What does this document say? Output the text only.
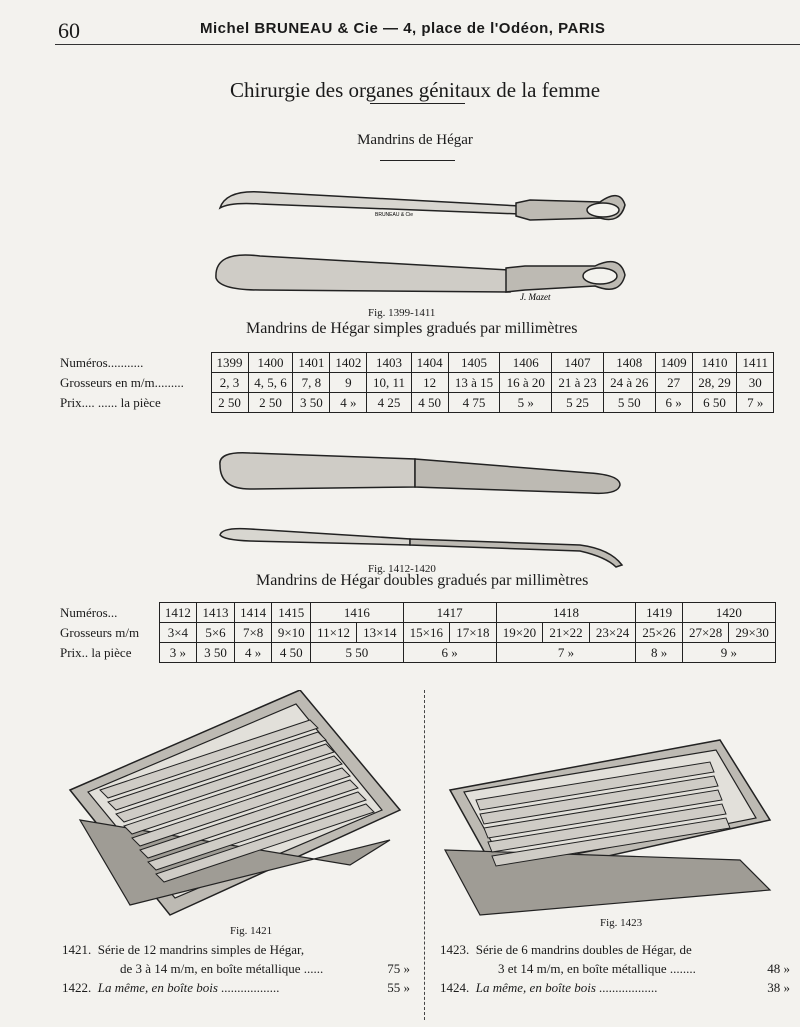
60	Michel BRUNEAU & Cie — 4, place de l'Odéon, PARIS
Chirurgie des organes génitaux de la femme
Mandrins de Hégar
BRUNEAU & Cie
J. Mazet
Fig. 1399-1411
Mandrins de Hégar simples gradués par millimètres
Numéros...........	1399	1400	1401	1402	1403	1404	1405	1406	1407	1408	1409	1410	1411
Grosseurs en m/m.........	2, 3	4, 5, 6	7, 8	9	10, 11	12	13 à 15	16 à 20	21 à 23	24 à 26	27	28, 29	30
Prix.... ...... la pièce	2 50	2 50	3 50	4 »	4 25	4 50	4 75	5 »	5 25	5 50	6 »	6 50	7 »
Fig. 1412-1420
Mandrins de Hégar doubles gradués par millimètres
Numéros...	1412	1413	1414	1415	1416		1417		1418			1419	1420	
Grosseurs m/m	3×4	5×6	7×8	9×10	11×12	13×14	15×16	17×18	19×20	21×22	23×24	25×26	27×28	29×30
Prix.. la pièce	3 »	3 50	4 »	4 50	5 50		6 »		7 »			8 »	9 »	
Fig. 1421
1421. Série de 12 mandrins simples de Hégar,
de 3 à 14 m/m, en boîte métallique ......	75 »
1422. La même, en boîte bois ..................	55 »
Fig. 1423
1423. Série de 6 mandrins doubles de Hégar, de
3 et 14 m/m, en boîte métallique ........	48 »
1424. La même, en boîte bois ..................	38 »
